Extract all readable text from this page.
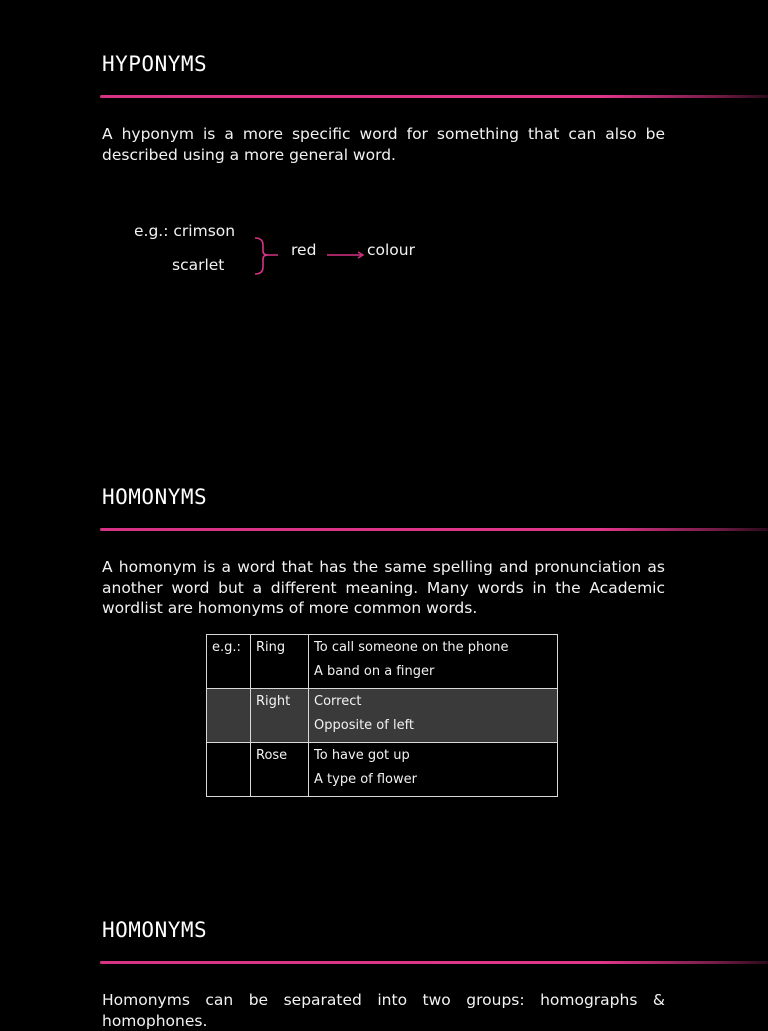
HYPONYMS

A hyponym is a more specific word for something that can also be described using a more general word.

e.g.: crimson
scarlet
red	colour
HOMONYMS

A homonym is a word that has the same spelling and pronunciation as another word but a different meaning. Many words in the Academic wordlist are homonyms of more common words.

e.g.:	Ring	To call someone on the phone
A band on a finger

	Right	Correct
Opposite of left

	Rose	To have got up
A type of flower
HOMONYMS

Homonyms can be separated into two groups: homographs & homophones.
